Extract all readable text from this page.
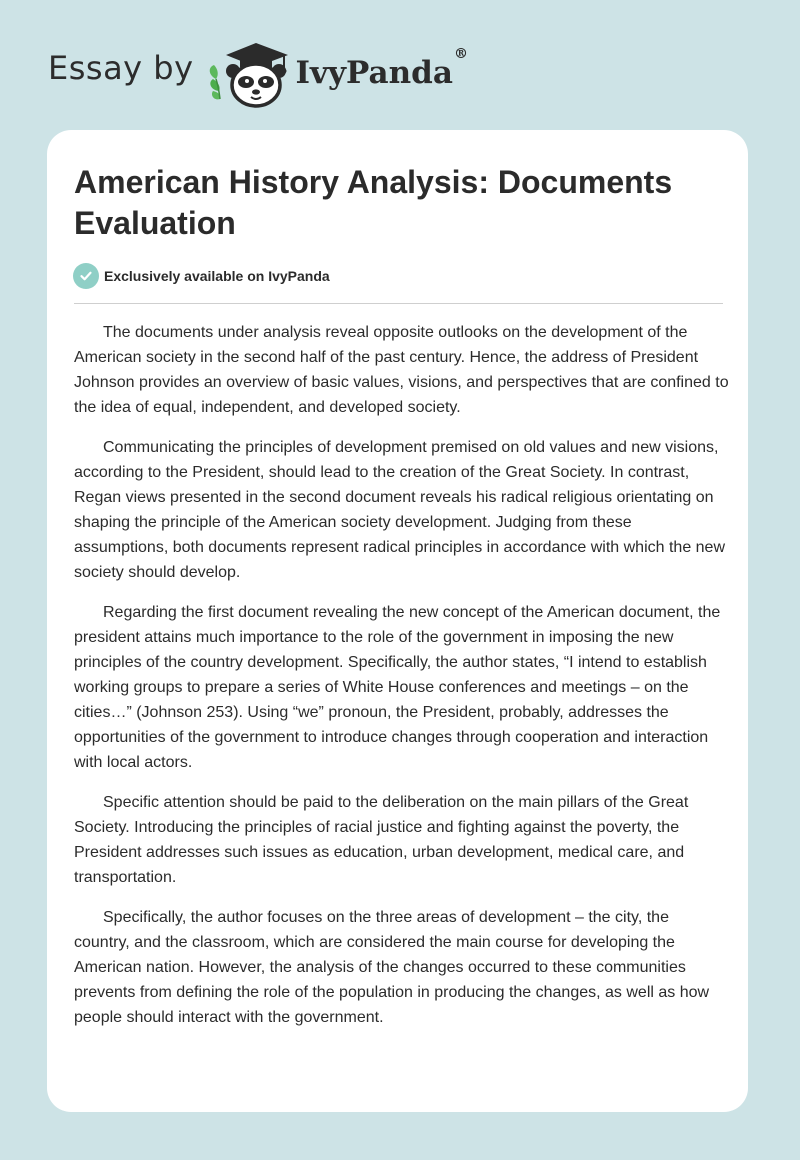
Essay by	IvyPanda®
American History Analysis: Documents Evaluation
Exclusively available on IvyPanda

The documents under analysis reveal opposite outlooks on the development of the American society in the second half of the past century. Hence, the address of President Johnson provides an overview of basic values, visions, and perspectives that are confined to the idea of equal, independent, and developed society.

Communicating the principles of development premised on old values and new visions, according to the President, should lead to the creation of the Great Society. In contrast, Regan views presented in the second document reveals his radical religious orientating on shaping the principle of the American society development. Judging from these assumptions, both documents represent radical principles in accordance with which the new society should develop.

Regarding the first document revealing the new concept of the American document, the president attains much importance to the role of the government in imposing the new principles of the country development. Specifically, the author states, “I intend to establish working groups to prepare a series of White House conferences and meetings – on the cities…” (Johnson 253). Using “we” pronoun, the President, probably, addresses the opportunities of the government to introduce changes through cooperation and interaction with local actors.

Specific attention should be paid to the deliberation on the main pillars of the Great Society. Introducing the principles of racial justice and fighting against the poverty, the President addresses such issues as education, urban development, medical care, and transportation.

Specifically, the author focuses on the three areas of development – the city, the country, and the classroom, which are considered the main course for developing the American nation. However, the analysis of the changes occurred to these communities prevents from defining the role of the population in producing the changes, as well as how people should interact with the government.
